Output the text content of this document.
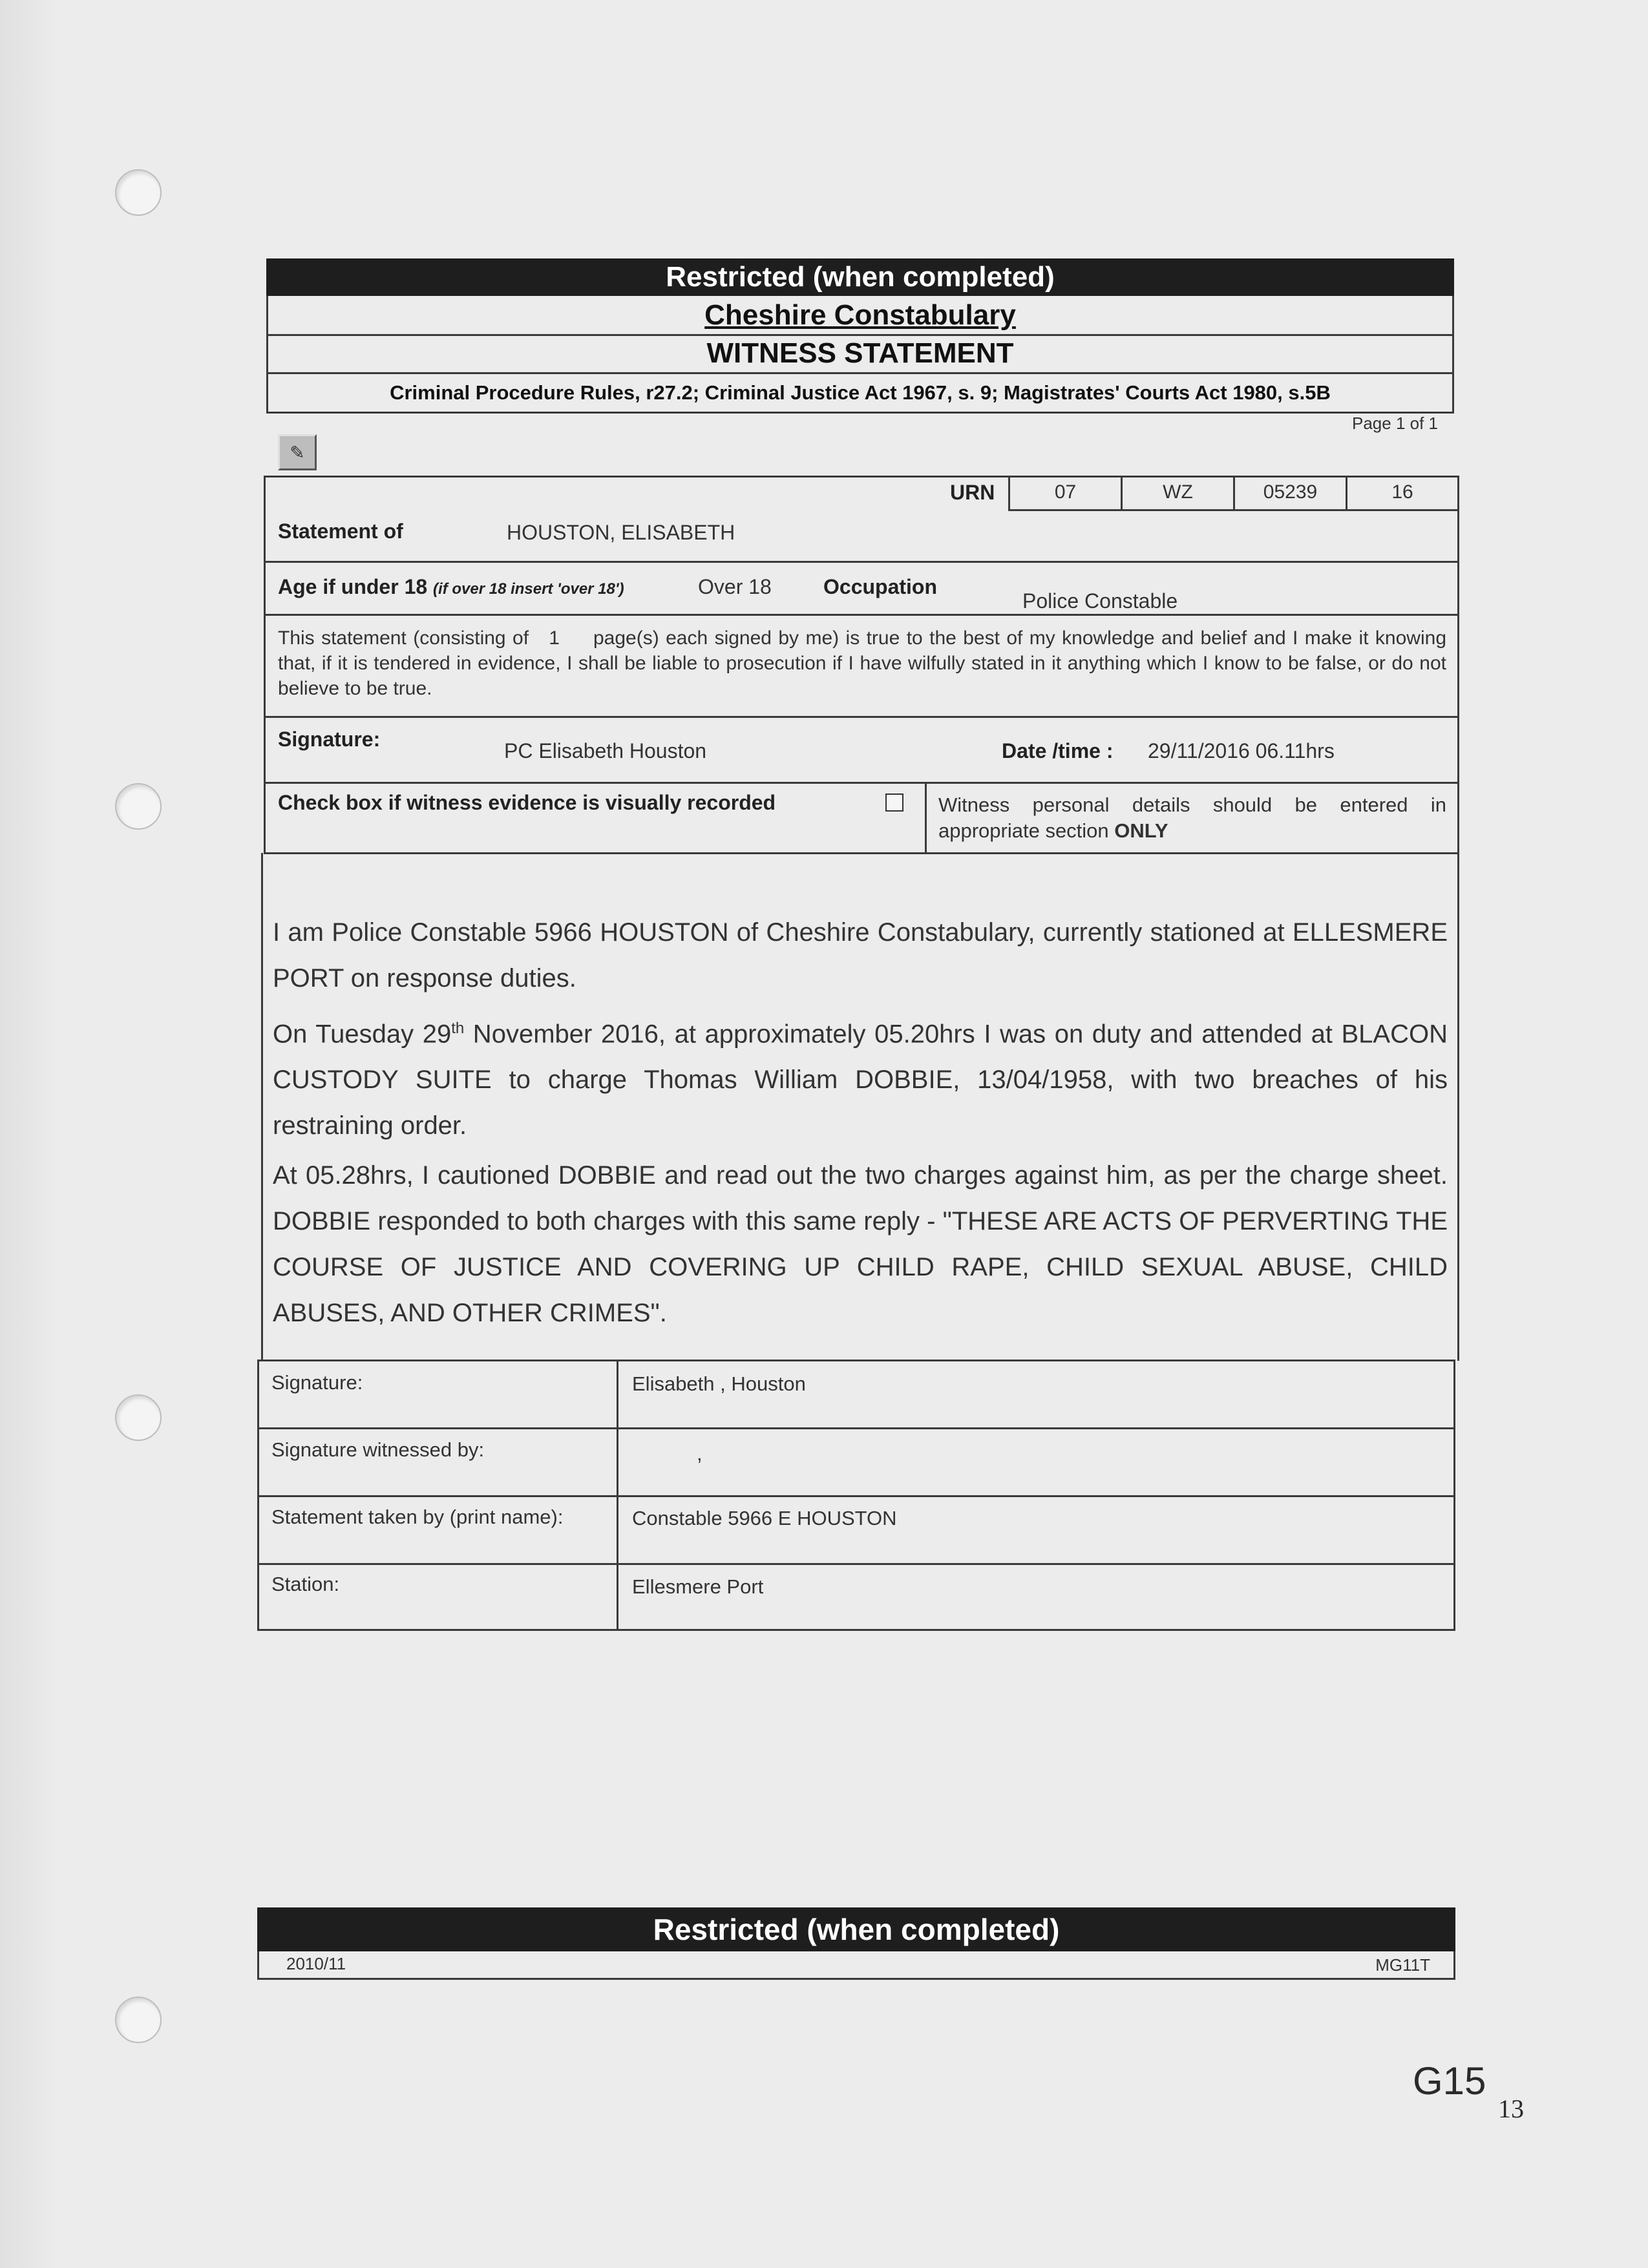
Restricted (when completed)
Cheshire Constabulary
WITNESS STATEMENT
Criminal Procedure Rules, r27.2; Criminal Justice Act 1967, s. 9; Magistrates' Courts Act 1980, s.5B
Page 1 of 1
✎
URN	07	WZ	05239	16
Statement of	HOUSTON, ELISABETH
Age if under 18 (if over 18 insert 'over 18')	Over 18	Occupation
Police Constable
This statement (consisting of 1 page(s) each signed by me) is true to the best of my knowledge and belief and I make it knowing that, if it is tendered in evidence, I shall be liable to prosecution if I have wilfully stated in it anything which I know to be false, or do not believe to be true.
Signature:	PC Elisabeth Houston	Date /time : 29/11/2016 06.11hrs
Check box if witness evidence is visually recorded	Witness personal details should be entered in appropriate section ONLY

I am Police Constable 5966 HOUSTON of Cheshire Constabulary, currently stationed at ELLESMERE PORT on response duties.

On Tuesday 29th November 2016, at approximately 05.20hrs I was on duty and attended at BLACON CUSTODY SUITE to charge Thomas William DOBBIE, 13/04/1958, with two breaches of his restraining order.

At 05.28hrs, I cautioned DOBBIE and read out the two charges against him, as per the charge sheet. DOBBIE responded to both charges with this same reply - "THESE ARE ACTS OF PERVERTING THE COURSE OF JUSTICE AND COVERING UP CHILD RAPE, CHILD SEXUAL ABUSE, CHILD ABUSES, AND OTHER CRIMES".

Signature:	Elisabeth , Houston
Signature witnessed by:	,
Statement taken by (print name):	Constable 5966 E HOUSTON
Station:	Ellesmere Port
Restricted (when completed)
2010/11	MG11T
G15
13
